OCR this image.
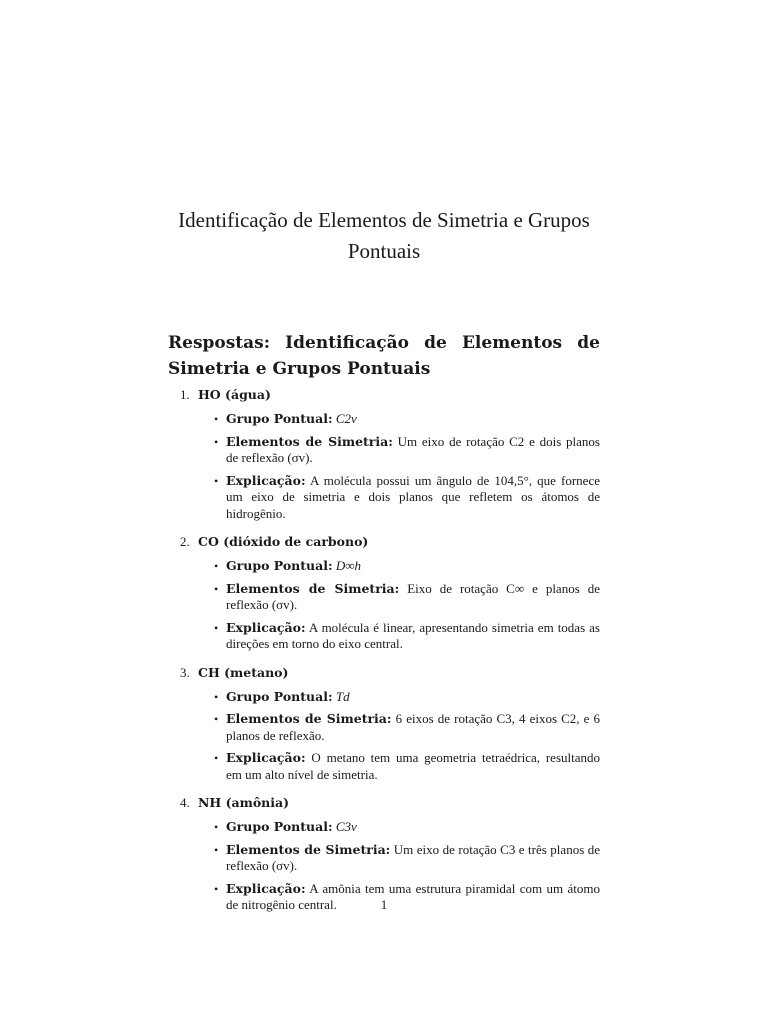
Identificação de Elementos de Simetria e Grupos
Pontuais
Respostas: Identificação de Elementos de Simetria e Grupos Pontuais
1. HO (água)
• Grupo Pontual: C2v
• Elementos de Simetria: Um eixo de rotação C2 e dois planos de reflexão (σv).
• Explicação: A molécula possui um ângulo de 104,5°, que fornece um eixo de simetria e dois planos que refletem os átomos de hidrogênio.
2. CO (dióxido de carbono)
• Grupo Pontual: D∞h
• Elementos de Simetria: Eixo de rotação C∞ e planos de reflexão (σv).
• Explicação: A molécula é linear, apresentando simetria em todas as direções em torno do eixo central.
3. CH (metano)
• Grupo Pontual: Td
• Elementos de Simetria: 6 eixos de rotação C3, 4 eixos C2, e 6 planos de reflexão.
• Explicação: O metano tem uma geometria tetraédrica, resultando em um alto nível de simetria.
4. NH (amônia)
• Grupo Pontual: C3v
• Elementos de Simetria: Um eixo de rotação C3 e três planos de reflexão (σv).
• Explicação: A amônia tem uma estrutura piramidal com um átomo de nitrogênio central.	1
